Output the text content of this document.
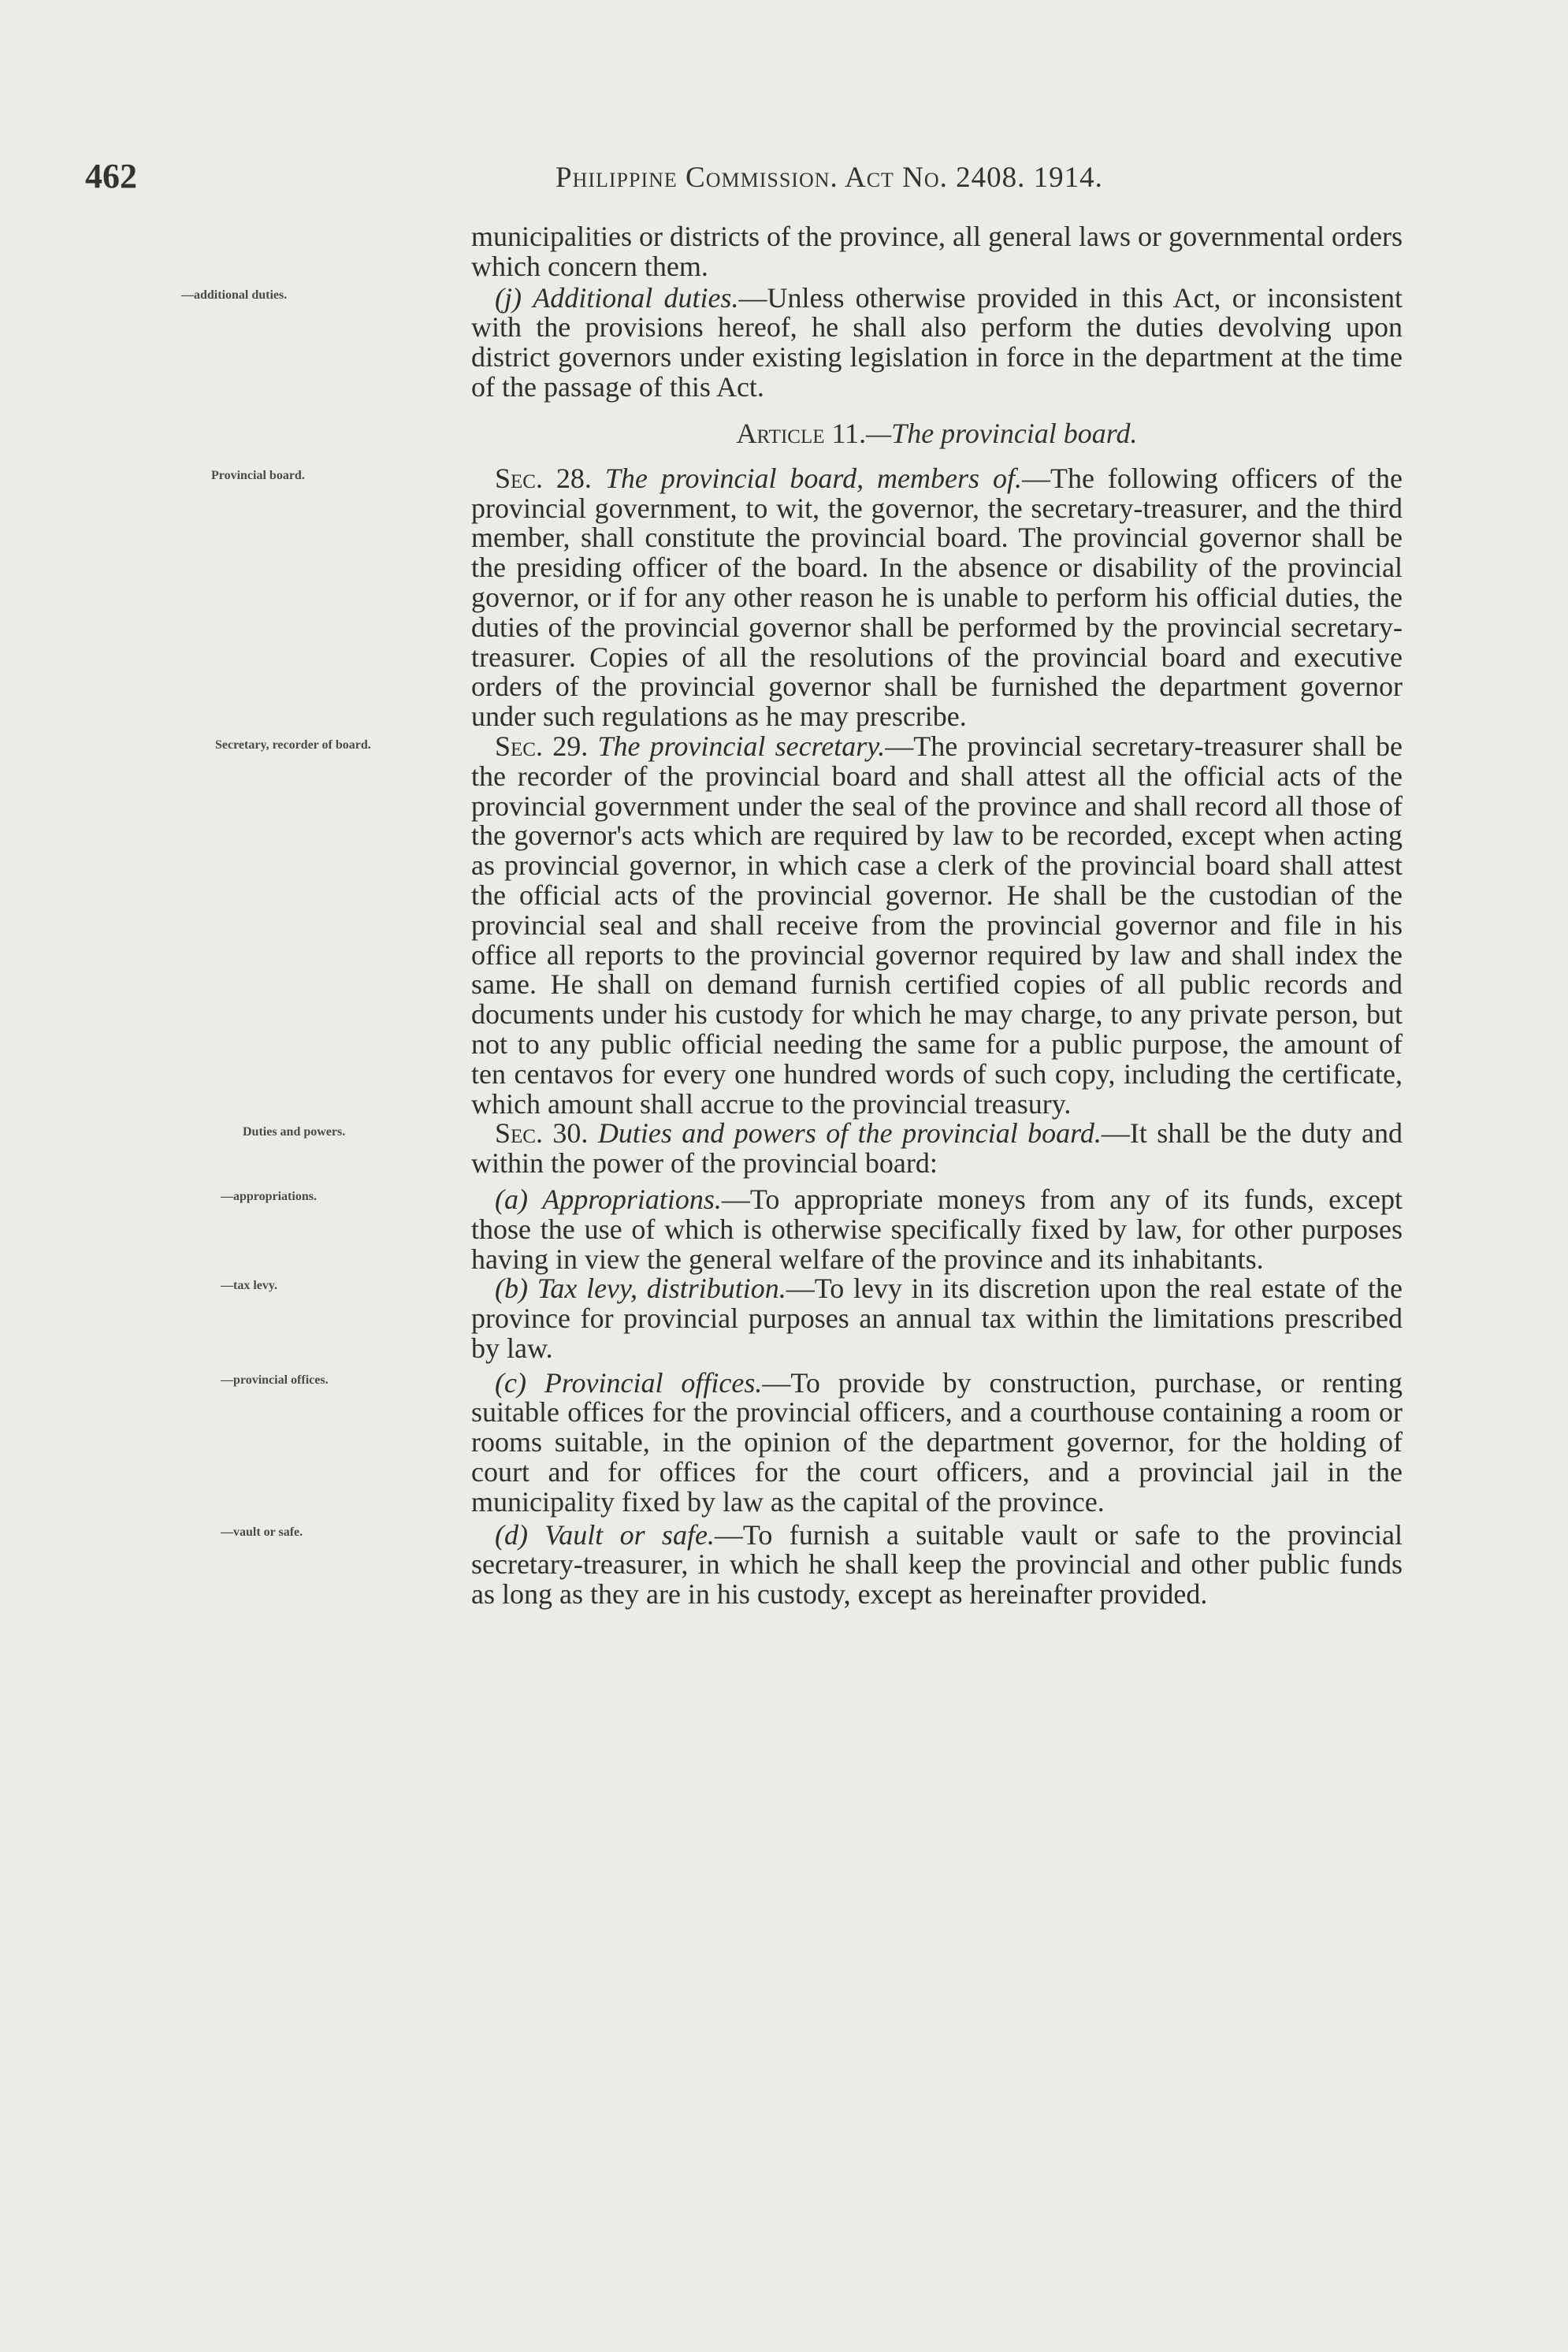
462	Philippine Commission. Act No. 2408. 1914.

municipalities or districts of the province, all general laws or governmental orders which concern them.

—additional duties.	(j) Additional duties.—Unless otherwise provided in this Act, or inconsistent with the provisions hereof, he shall also perform the duties devolving upon district governors under existing legislation in force in the department at the time of the passage of this Act.

Article 11.—The provincial board.
Provincial board.	Sec. 28. The provincial board, members of.—The following officers of the provincial government, to wit, the governor, the secretary-treasurer, and the third member, shall constitute the provincial board. The provincial governor shall be the presiding officer of the board. In the absence or disability of the provincial governor, or if for any other reason he is unable to perform his official duties, the duties of the provincial governor shall be performed by the provincial secretary-treasurer. Copies of all the resolutions of the provincial board and executive orders of the provincial governor shall be furnished the department governor under such regulations as he may prescribe.

Secretary, recorder of board.	Sec. 29. The provincial secretary.—The provincial secretary-treasurer shall be the recorder of the provincial board and shall attest all the official acts of the provincial government under the seal of the province and shall record all those of the governor's acts which are required by law to be recorded, except when acting as provincial governor, in which case a clerk of the provincial board shall attest the official acts of the provincial governor. He shall be the custodian of the provincial seal and shall receive from the provincial governor and file in his office all reports to the provincial governor required by law and shall index the same. He shall on demand furnish certified copies of all public records and documents under his custody for which he may charge, to any private person, but not to any public official needing the same for a public purpose, the amount of ten centavos for every one hundred words of such copy, including the certificate, which amount shall accrue to the provincial treasury.

Duties and powers.	Sec. 30. Duties and powers of the provincial board.—It shall be the duty and within the power of the provincial board:

—appropriations.	(a) Appropriations.—To appropriate moneys from any of its funds, except those the use of which is otherwise specifically fixed by law, for other purposes having in view the general welfare of the province and its inhabitants.

—tax levy.	(b) Tax levy, distribution.—To levy in its discretion upon the real estate of the province for provincial purposes an annual tax within the limitations prescribed by law.

—provincial offices.	(c) Provincial offices.—To provide by construction, purchase, or renting suitable offices for the provincial officers, and a courthouse containing a room or rooms suitable, in the opinion of the department governor, for the holding of court and for offices for the court officers, and a provincial jail in the municipality fixed by law as the capital of the province.

—vault or safe.	(d) Vault or safe.—To furnish a suitable vault or safe to the provincial secretary-treasurer, in which he shall keep the provincial and other public funds as long as they are in his custody, except as hereinafter provided.
